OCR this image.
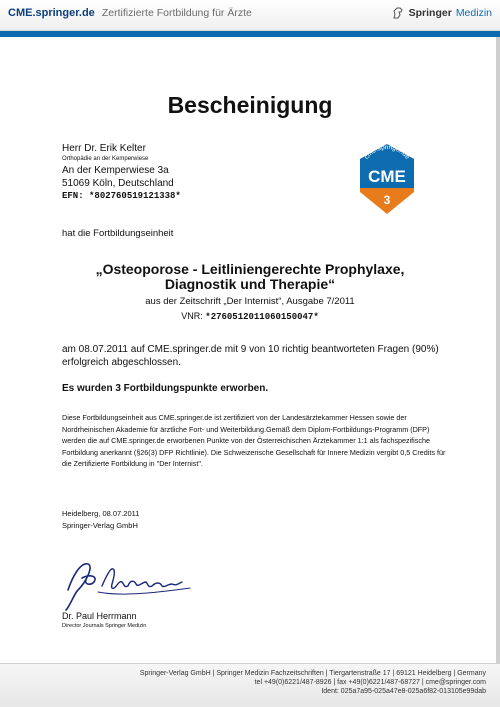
CME.springer.de Zertifizierte Fortbildung für Ärzte	Springer Medizin
Bescheinigung
Herr Dr. Erik Kelter
Orthopädie an der Kemperwiese
An der Kemperwiese 3a
51069 Köln, Deutschland
EFN: *802760519121338*
cme.springer.de
CME
3
hat die Fortbildungseinheit
„Osteoporose - Leitliniengerechte Prophylaxe, Diagnostik und Therapie“
aus der Zeitschrift „Der Internist“, Ausgabe 7/2011
VNR: *2760512011060150047*
am 08.07.2011 auf CME.springer.de mit 9 von 10 richtig beantworteten Fragen (90%) erfolgreich abgeschlossen.
Es wurden 3 Fortbildungspunkte erworben.
Diese Fortbildungseinheit aus CME.springer.de ist zertifiziert von der Landesärztekammer Hessen sowie der Nordrheinischen Akademie für ärztliche Fort- und Weiterbildung.Gemäß dem Diplom-Fortbildungs-Programm (DFP) werden die auf CME.springer.de erworbenen Punkte von der Österreichischen Ärztekammer 1:1 als fachspezifische Fortbildung anerkannt (§26(3) DFP Richtlinie). Die Schweizerische Gesellschaft für Innere Medizin vergibt 0,5 Credits für die Zertifizierte Fortbildung in "Der Internist".
Heidelberg, 08.07.2011
Springer-Verlag GmbH
Dr. Paul Herrmann
Director Journals Springer Medizin
Springer-Verlag GmbH | Springer Medizin Fachzeitschriften | Tiergartenstraße 17 | 69121 Heidelberg | Germany
tel +49(0)6221/487-8926 | fax +49(0)6221/487-68727 | cme@springer.com
Ident: 025a7a95-025a47e8-025a6f82-013105e99dab
